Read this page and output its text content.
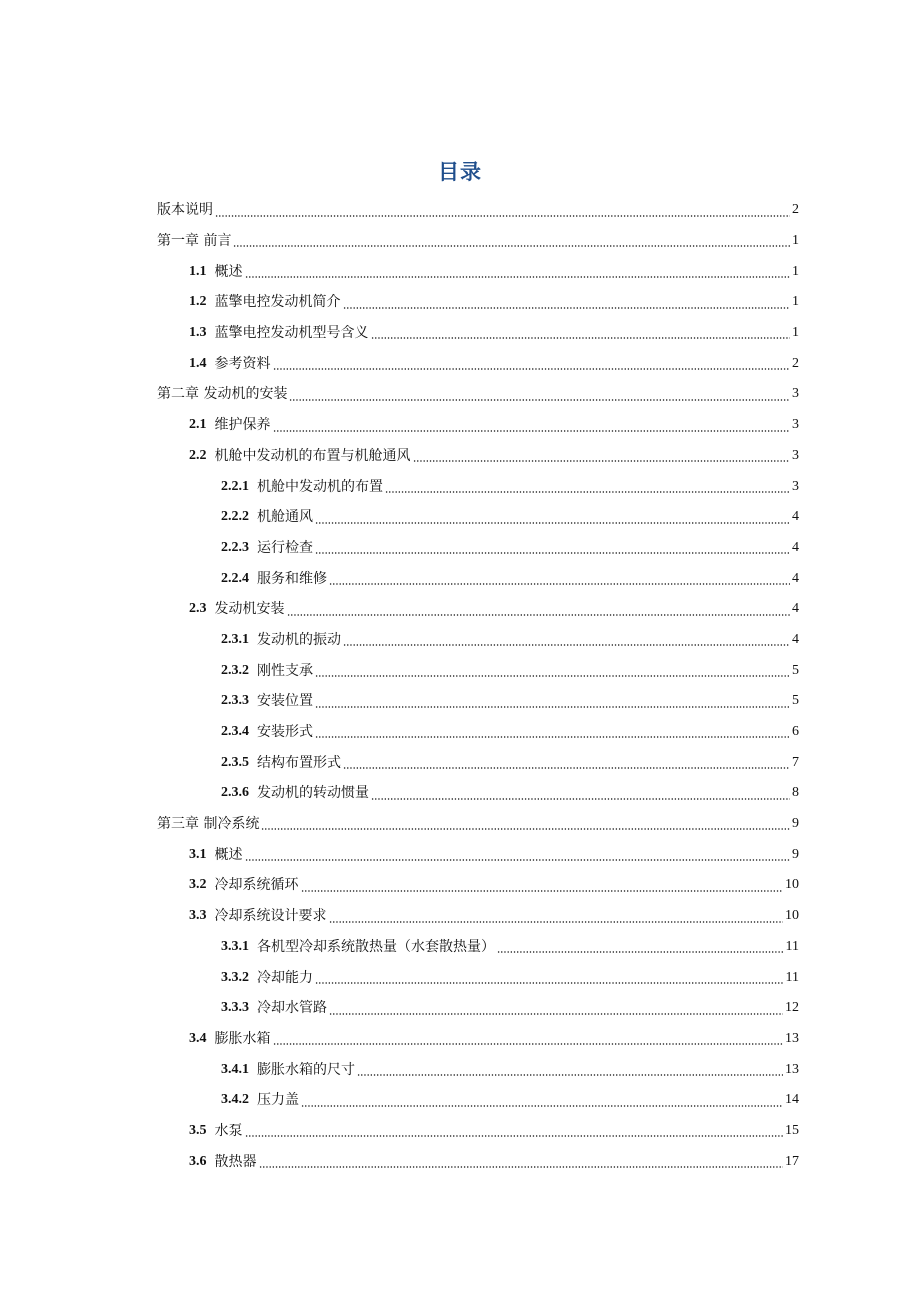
目录
版本说明	2
第一章 前言	1
1.1 概述	1
1.2 蓝擎电控发动机简介	1
1.3 蓝擎电控发动机型号含义	1
1.4 参考资料	2
第二章 发动机的安装	3
2.1 维护保养	3
2.2 机舱中发动机的布置与机舱通风	3
2.2.1 机舱中发动机的布置	3
2.2.2 机舱通风	4
2.2.3 运行检查	4
2.2.4 服务和维修	4
2.3 发动机安装	4
2.3.1 发动机的振动	4
2.3.2 刚性支承	5
2.3.3 安装位置	5
2.3.4 安装形式	6
2.3.5 结构布置形式	7
2.3.6 发动机的转动惯量	8
第三章 制冷系统	9
3.1 概述	9
3.2 冷却系统循环	10
3.3 冷却系统设计要求	10
3.3.1 各机型冷却系统散热量（水套散热量）	11
3.3.2 冷却能力	11
3.3.3 冷却水管路	12
3.4 膨胀水箱	13
3.4.1 膨胀水箱的尺寸	13
3.4.2 压力盖	14
3.5 水泵	15
3.6 散热器	17
